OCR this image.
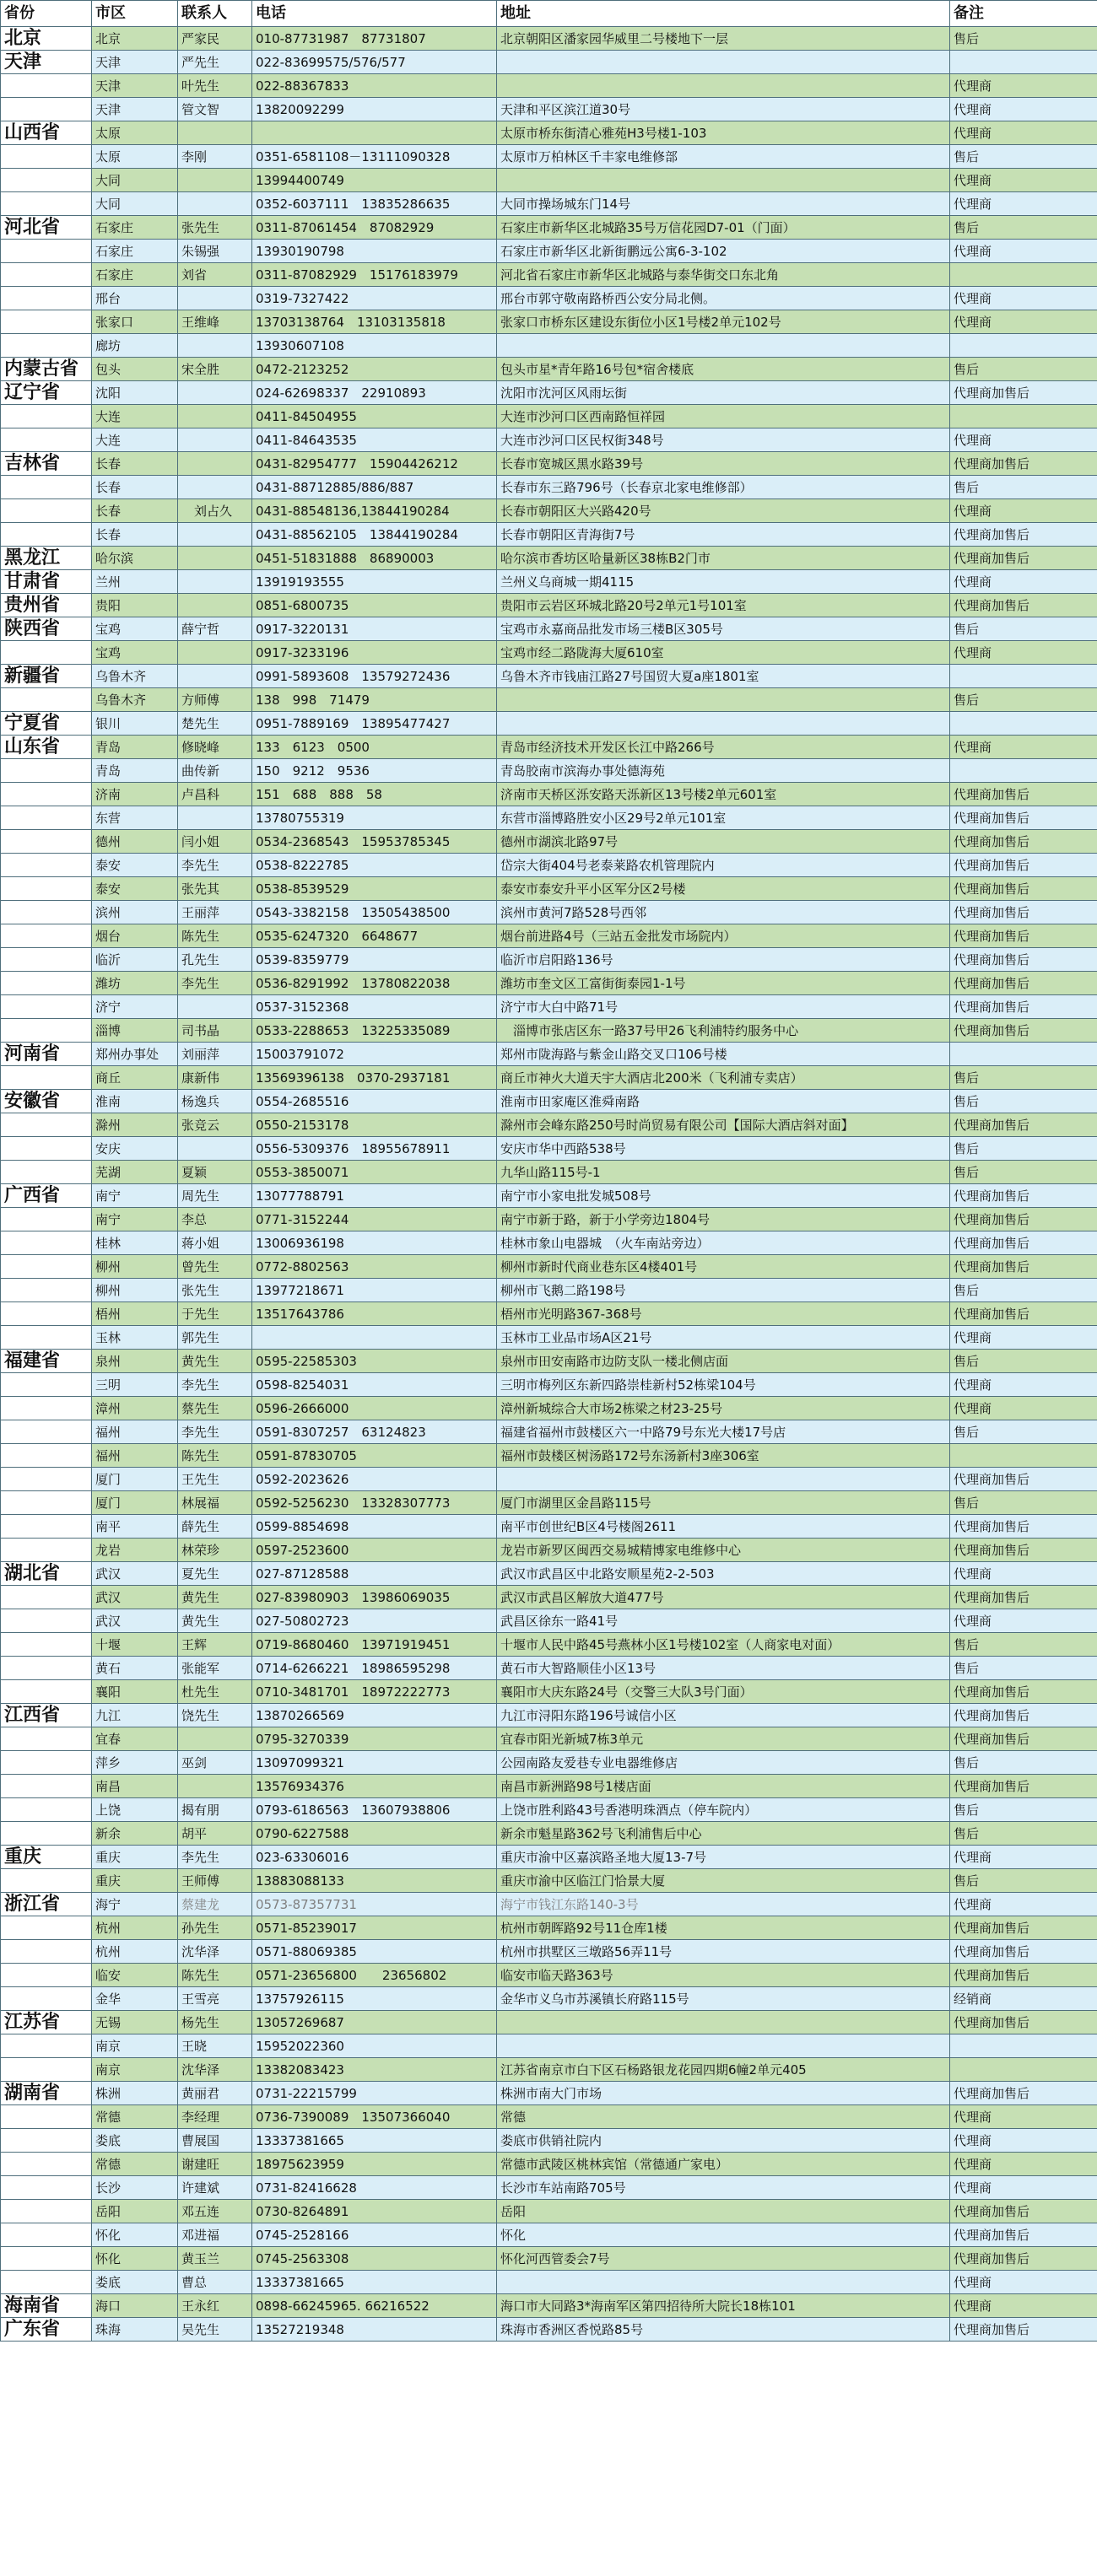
省份	市区	联系人	电话	地址	备注
北京	北京	严家民	010-87731987　87731807	北京朝阳区潘家园华威里二号楼地下一层	售后
天津	天津	严先生	022-83699575/576/577		
	天津	叶先生	022-88367833		代理商
	天津	管文智	13820092299	天津和平区滨江道30号	代理商
山西省	太原			太原市桥东街清心雅苑H3号楼1-103	代理商
	太原	李刚	0351-6581108－13111090328	太原市万柏林区千丰家电维修部	售后
	大同		13994400749		代理商
	大同		0352-6037111　13835286635	大同市操场城东门14号	代理商
河北省	石家庄	张先生	0311-87061454　87082929	石家庄市新华区北城路35号万信花园D7-01（门面）	售后
	石家庄	朱锡强	13930190798	石家庄市新华区北新街鹏远公寓6-3-102	代理商
	石家庄	刘省	0311-87082929　15176183979	河北省石家庄市新华区北城路与泰华街交口东北角	
	邢台		0319-7327422	邢台市郭守敬南路桥西公安分局北侧。	代理商
	张家口	王维峰	13703138764　13103135818	张家口市桥东区建设东街位小区1号楼2单元102号	代理商
	廊坊		13930607108		
内蒙古省	包头	宋全胜	0472-2123252	包头市星*青年路16号包*宿舍楼底	售后
辽宁省	沈阳		024-62698337　22910893	沈阳市沈河区风雨坛街	代理商加售后
	大连		0411-84504955	大连市沙河口区西南路恒祥园	
	大连		0411-84643535	大连市沙河口区民权街348号	代理商
吉林省	长春		0431-82954777　15904426212	长春市宽城区黑水路39号	代理商加售后
	长春		0431-88712885/886/887	长春市东三路796号（长春京北家电维修部）	售后
	长春	　刘占久	0431-88548136,13844190284	长春市朝阳区大兴路420号	代理商
	长春		0431-88562105　13844190284	长春市朝阳区青海街7号	代理商加售后
黑龙江	哈尔滨		0451-51831888　86890003	哈尔滨市香坊区哈量新区38栋B2门市	代理商加售后
甘肃省	兰州		13919193555	兰州义乌商城一期4115	代理商
贵州省	贵阳		0851-6800735	贵阳市云岩区环城北路20号2单元1号101室	代理商加售后
陕西省	宝鸡	薛宁哲	0917-3220131	宝鸡市永嘉商品批发市场三楼B区305号	售后
	宝鸡		0917-3233196	宝鸡市经二路陇海大厦610室	代理商
新疆省	乌鲁木齐		0991-5893608　13579272436	乌鲁木齐市钱庙江路27号国贸大夏a座1801室	
	乌鲁木齐	方师傅	138　998　71479		售后
宁夏省	银川	楚先生	0951-7889169　13895477427		
山东省	青岛	修晓峰	133　6123　0500	青岛市经济技术开发区长江中路266号	代理商
	青岛	曲传新	150　9212　9536	青岛胶南市滨海办事处德海苑	
	济南	卢昌科	151　688　888　58	济南市天桥区泺安路天泺新区13号楼2单元601室	代理商加售后
	东营		13780755319	东营市淄博路胜安小区29号2单元101室	代理商加售后
	德州	闫小姐	0534-2368543　15953785345	德州市湖滨北路97号	代理商加售后
	泰安	李先生	0538-8222785	岱宗大街404号老泰莱路农机管理院内	代理商加售后
	泰安	张先其	0538-8539529	泰安市泰安升平小区军分区2号楼	代理商加售后
	滨州	王丽萍	0543-3382158　13505438500	滨州市黄河7路528号西邻	代理商加售后
	烟台	陈先生	0535-6247320　6648677	烟台前进路4号（三站五金批发市场院内）	代理商加售后
	临沂	孔先生	0539-8359779	临沂市启阳路136号	代理商加售后
	潍坊	李先生	0536-8291992　13780822038	潍坊市奎文区工富街街泰园1-1号	代理商加售后
	济宁		0537-3152368	济宁市大白中路71号	代理商加售后
	淄博	司书晶	0533-2288653　13225335089	　淄博市张店区东一路37号甲26飞利浦特约服务中心	代理商加售后
河南省	郑州办事处	刘丽萍	15003791072	郑州市陇海路与紫金山路交叉口106号楼	
	商丘	康新伟	13569396138　0370-2937181	商丘市神火大道天宇大酒店北200米（飞利浦专卖店）	售后
安徽省	淮南	杨逸兵	0554-2685516	淮南市田家庵区淮舜南路	售后
	滁州	张竞云	0550-2153178	滁州市会峰东路250号时尚贸易有限公司【国际大酒店斜对面】	代理商加售后
	安庆		0556-5309376　18955678911	安庆市华中西路538号	售后
	芜湖	夏颖	0553-3850071	九华山路115号-1	售后
广西省	南宁	周先生	13077788791	南宁市小家电批发城508号	代理商加售后
	南宁	李总	0771-3152244	南宁市新于路，新于小学旁边1804号	代理商加售后
	桂林	蒋小姐	13006936198	桂林市象山电器城　（火车南站旁边）	代理商加售后
	柳州	曾先生	0772-8802563	柳州市新时代商业巷东区4楼401号	代理商加售后
	柳州	张先生	13977218671	柳州市飞鹅二路198号	售后
	梧州	于先生	13517643786	梧州市光明路367-368号	代理商加售后
	玉林	郭先生		玉林市工业品市场A区21号	代理商
福建省	泉州	黄先生	0595-22585303	泉州市田安南路市边防支队一楼北侧店面	售后
	三明	李先生	0598-8254031	三明市梅列区东新四路崇桂新村52栋梁104号	代理商
	漳州	蔡先生	0596-2666000	漳州新城综合大市场2栋梁之材23-25号	代理商
	福州	李先生	0591-8307257　63124823	福建省福州市鼓楼区六一中路79号东光大楼17号店	售后
	福州	陈先生	0591-87830705	福州市鼓楼区树汤路172号东汤新村3座306室	
	厦门	王先生	0592-2023626		代理商加售后
	厦门	林展福	0592-5256230　13328307773	厦门市湖里区金昌路115号	售后
	南平	薛先生	0599-8854698	南平市创世纪B区4号楼阁2611	代理商加售后
	龙岩	林荣珍	0597-2523600	龙岩市新罗区闽西交易城精博家电维修中心	代理商加售后
湖北省	武汉	夏先生	027-87128588	武汉市武昌区中北路安顺星苑2-2-503	代理商
	武汉	黄先生	027-83980903　13986069035	武汉市武昌区解放大道477号	代理商加售后
	武汉	黄先生	027-50802723	武昌区徐东一路41号	代理商
	十堰	王辉	0719-8680460　13971919451	十堰市人民中路45号燕林小区1号楼102室（人商家电对面）	售后
	黄石	张能军	0714-6266221　18986595298	黄石市大智路顺佳小区13号	售后
	襄阳	杜先生	0710-3481701　18972222773	襄阳市大庆东路24号（交警三大队3号门面）	代理商加售后
江西省	九江	饶先生	13870266569	九江市浔阳东路196号诚信小区	代理商加售后
	宜春		0795-3270339	宜春市阳光新城7栋3单元	代理商加售后
	萍乡	巫剑	13097099321	公园南路友爱巷专业电器维修店	售后
	南昌		13576934376	南昌市新洲路98号1楼店面	代理商加售后
	上饶	揭有朋	0793-6186563　13607938806	上饶市胜利路43号香港明珠酒点（停车院内）	售后
	新余	胡平	0790-6227588	新余市魁星路362号飞利浦售后中心	售后
重庆	重庆	李先生	023-63306016	重庆市渝中区嘉滨路圣地大厦13-7号	代理商
	重庆	王师傅	13883088133	重庆市渝中区临江门恰景大厦	售后
浙江省	海宁	蔡建龙	0573-87357731	海宁市钱江东路140-3号	代理商
	杭州	孙先生	0571-85239017	杭州市朝晖路92号11仓库1楼	代理商加售后
	杭州	沈华泽	0571-88069385	杭州市拱墅区三墩路56弄11号	代理商加售后
	临安	陈先生	0571-23656800　　23656802	临安市临天路363号	代理商加售后
	金华	王雪亮	13757926115	金华市义乌市苏溪镇长府路115号	经销商
江苏省	无锡	杨先生	13057269687		代理商加售后
	南京	王晓	15952022360		
	南京	沈华泽	13382083423	江苏省南京市白下区石杨路银龙花园四期6幢2单元405	
湖南省	株洲	黄丽君	0731-22215799	株洲市南大门市场	代理商加售后
	常德	李经理	0736-7390089　13507366040	常德	代理商
	娄底	曹展国	13337381665	娄底市供销社院内	代理商
	常德	谢建旺	18975623959	常德市武陵区桃林宾馆（常德通广家电）	代理商
	长沙	许建斌	0731-82416628	长沙市车站南路705号	代理商
	岳阳	邓五连	0730-8264891	岳阳	代理商加售后
	怀化	邓进福	0745-2528166	怀化	代理商加售后
	怀化	黄玉兰	0745-2563308	怀化河西管委会7号	代理商加售后
	娄底	曹总	13337381665		代理商
海南省	海口	王永红	0898-66245965. 66216522	海口市大同路3*海南军区第四招待所大院长18栋101	代理商
广东省	珠海	吴先生	13527219348	珠海市香洲区香悦路85号	代理商加售后
